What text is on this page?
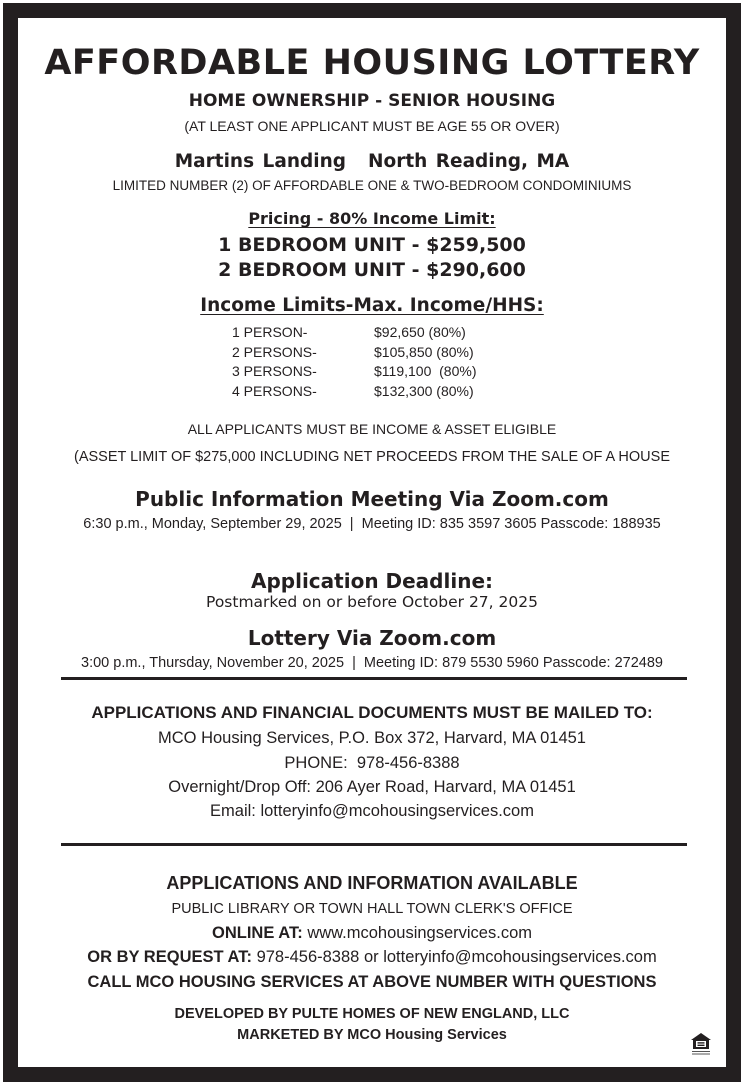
AFFORDABLE HOUSING LOTTERY
HOME OWNERSHIP - SENIOR HOUSING
(AT LEAST ONE APPLICANT MUST BE AGE 55 OR OVER)
Martins Landing North Reading, MA
LIMITED NUMBER (2) OF AFFORDABLE ONE & TWO-BEDROOM CONDOMINIUMS
Pricing - 80% Income Limit:
1 BEDROOM UNIT - $259,500
2 BEDROOM UNIT - $290,600
Income Limits-Max. Income/HHS:
1 PERSON-	$92,650 (80%)
2 PERSONS-	$105,850 (80%)
3 PERSONS-	$119,100  (80%)
4 PERSONS-	$132,300 (80%)
ALL APPLICANTS MUST BE INCOME & ASSET ELIGIBLE
(ASSET LIMIT OF $275,000 INCLUDING NET PROCEEDS FROM THE SALE OF A HOUSE
Public Information Meeting Via Zoom.com
6:30 p.m., Monday, September 29, 2025  |  Meeting ID: 835 3597 3605 Passcode: 188935
Application Deadline:
Postmarked on or before October 27, 2025
Lottery Via Zoom.com
3:00 p.m., Thursday, November 20, 2025  |  Meeting ID: 879 5530 5960 Passcode: 272489
APPLICATIONS AND FINANCIAL DOCUMENTS MUST BE MAILED TO:
MCO Housing Services, P.O. Box 372, Harvard, MA 01451
PHONE:  978-456-8388
Overnight/Drop Off: 206 Ayer Road, Harvard, MA 01451
Email: lotteryinfo@mcohousingservices.com
APPLICATIONS AND INFORMATION AVAILABLE
PUBLIC LIBRARY OR TOWN HALL TOWN CLERK'S OFFICE
ONLINE AT: www.mcohousingservices.com
OR BY REQUEST AT: 978-456-8388 or lotteryinfo@mcohousingservices.com
CALL MCO HOUSING SERVICES AT ABOVE NUMBER WITH QUESTIONS
DEVELOPED BY PULTE HOMES OF NEW ENGLAND, LLC
MARKETED BY MCO Housing Services
